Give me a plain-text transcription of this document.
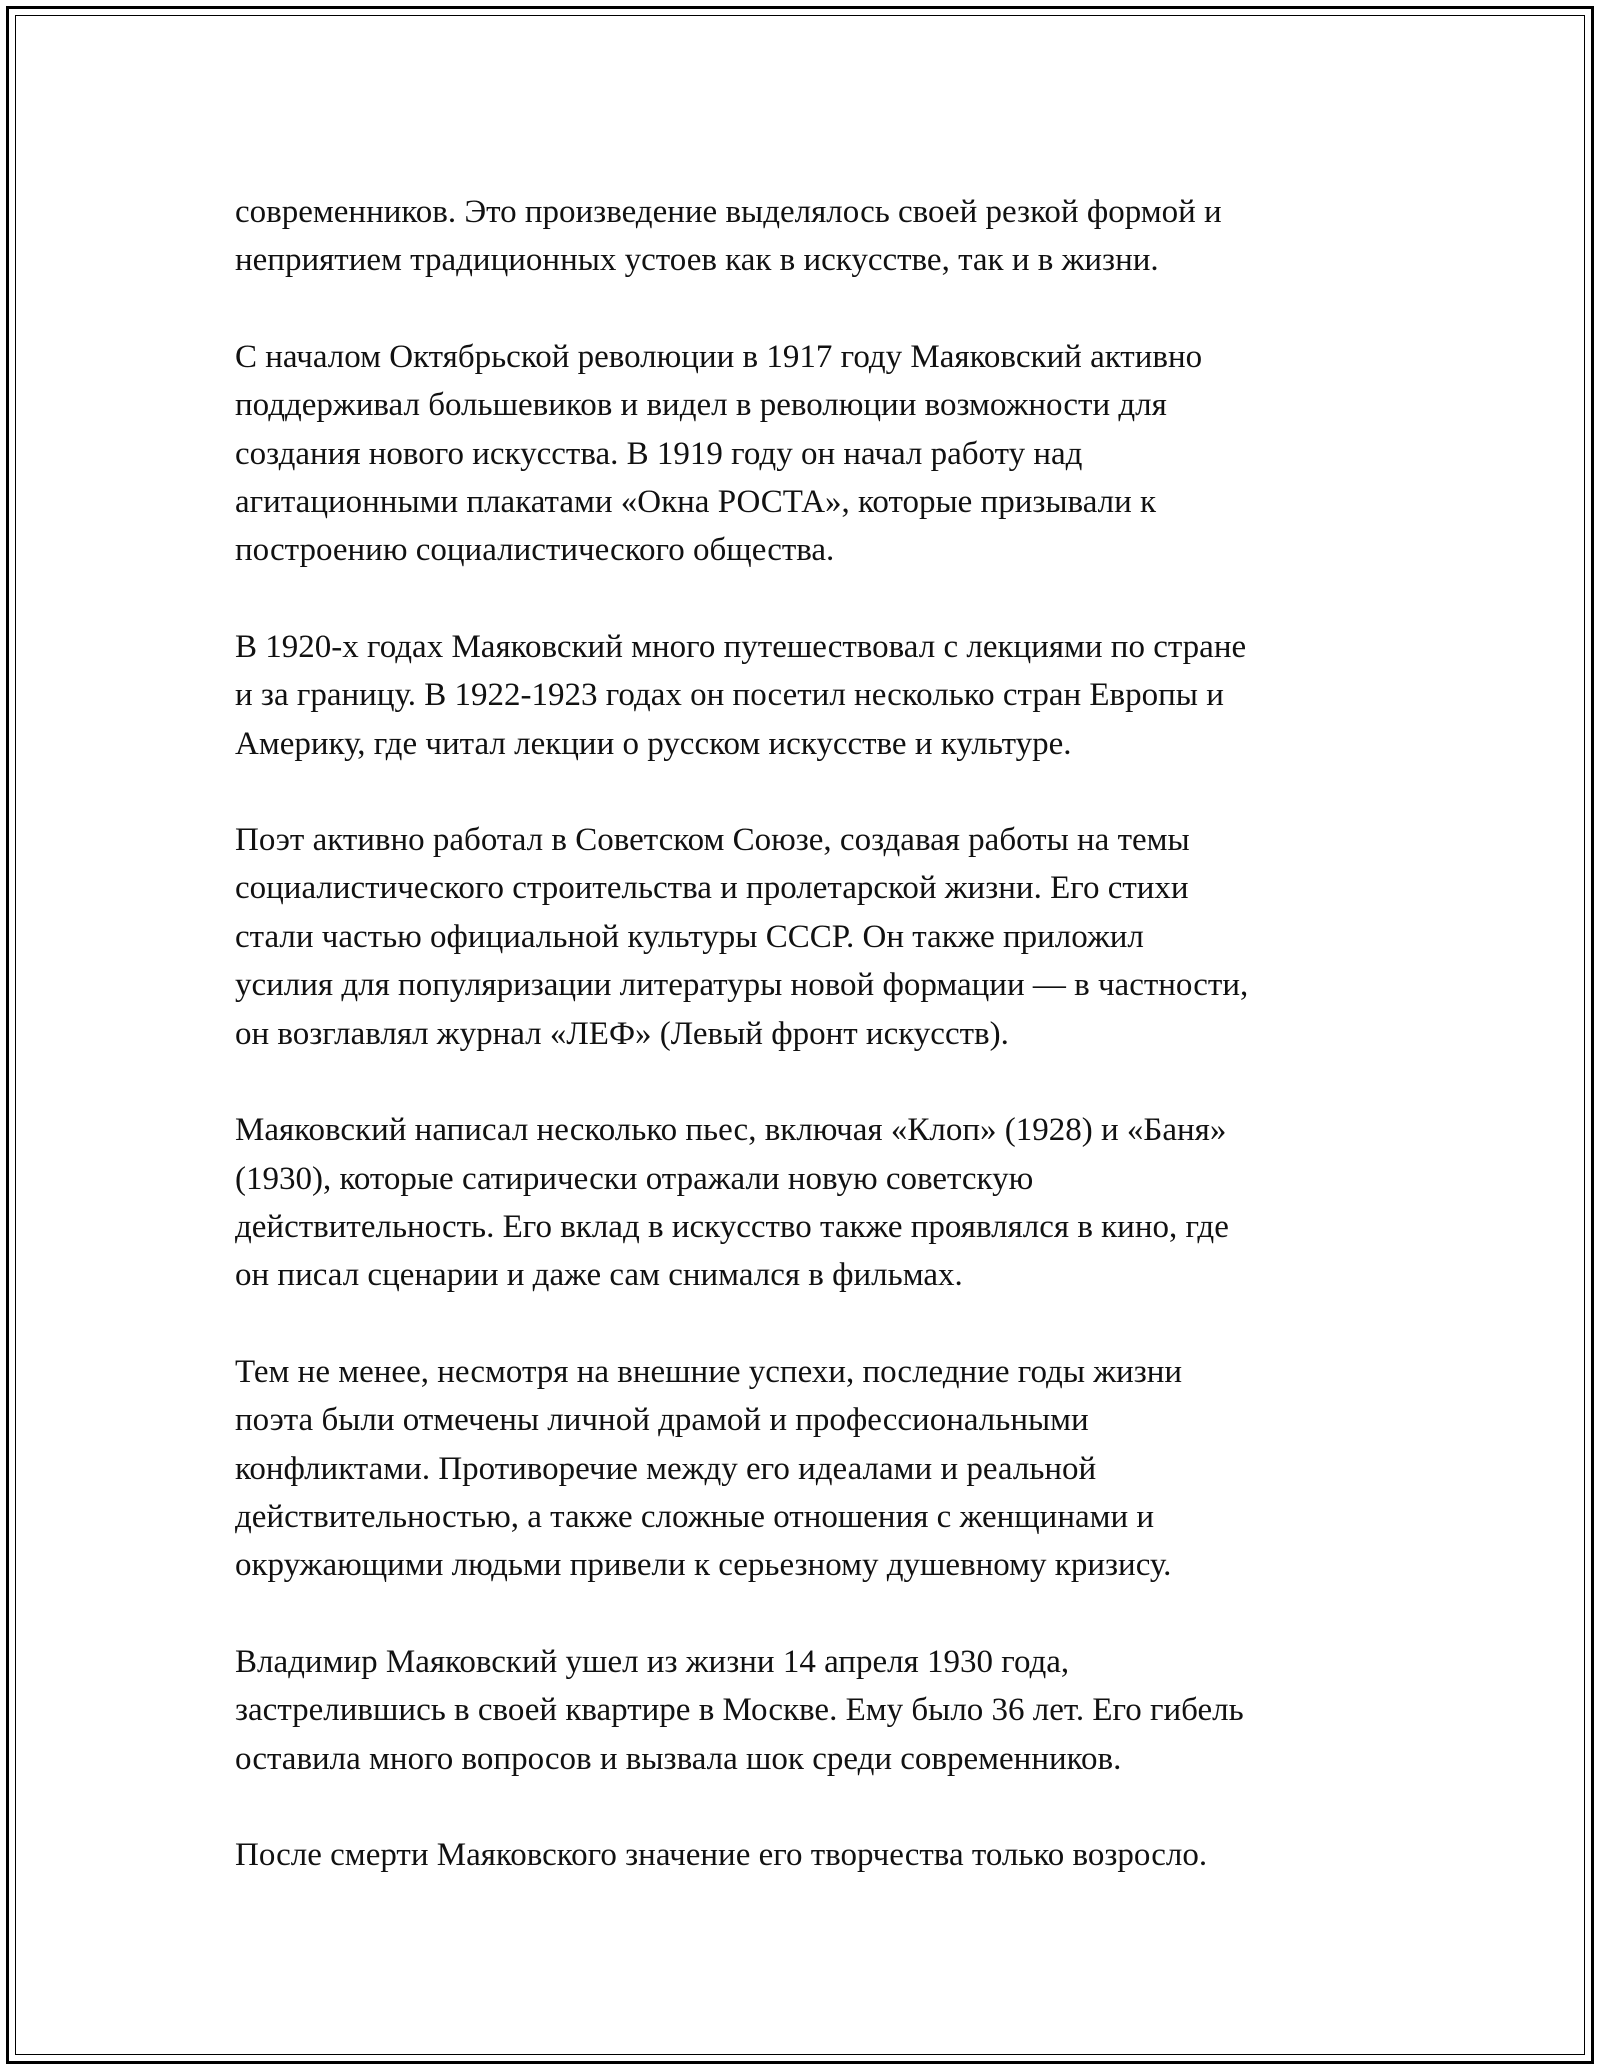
современников. Это произведение выделялось своей резкой формой и
неприятием традиционных устоев как в искусстве, так и в жизни.

С началом Октябрьской революции в 1917 году Маяковский активно
поддерживал большевиков и видел в революции возможности для
создания нового искусства. В 1919 году он начал работу над
агитационными плакатами «Окна РОСТА», которые призывали к
построению социалистического общества.

В 1920-х годах Маяковский много путешествовал с лекциями по стране
и за границу. В 1922-1923 годах он посетил несколько стран Европы и
Америку, где читал лекции о русском искусстве и культуре.

Поэт активно работал в Советском Союзе, создавая работы на темы
социалистического строительства и пролетарской жизни. Его стихи
стали частью официальной культуры СССР. Он также приложил
усилия для популяризации литературы новой формации — в частности,
он возглавлял журнал «ЛЕФ» (Левый фронт искусств).

Маяковский написал несколько пьес, включая «Клоп» (1928) и «Баня»
(1930), которые сатирически отражали новую советскую
действительность. Его вклад в искусство также проявлялся в кино, где
он писал сценарии и даже сам снимался в фильмах.

Тем не менее, несмотря на внешние успехи, последние годы жизни
поэта были отмечены личной драмой и профессиональными
конфликтами. Противоречие между его идеалами и реальной
действительностью, а также сложные отношения с женщинами и
окружающими людьми привели к серьезному душевному кризису.

Владимир Маяковский ушел из жизни 14 апреля 1930 года,
застрелившись в своей квартире в Москве. Ему было 36 лет. Его гибель
оставила много вопросов и вызвала шок среди современников.

После смерти Маяковского значение его творчества только возросло.
